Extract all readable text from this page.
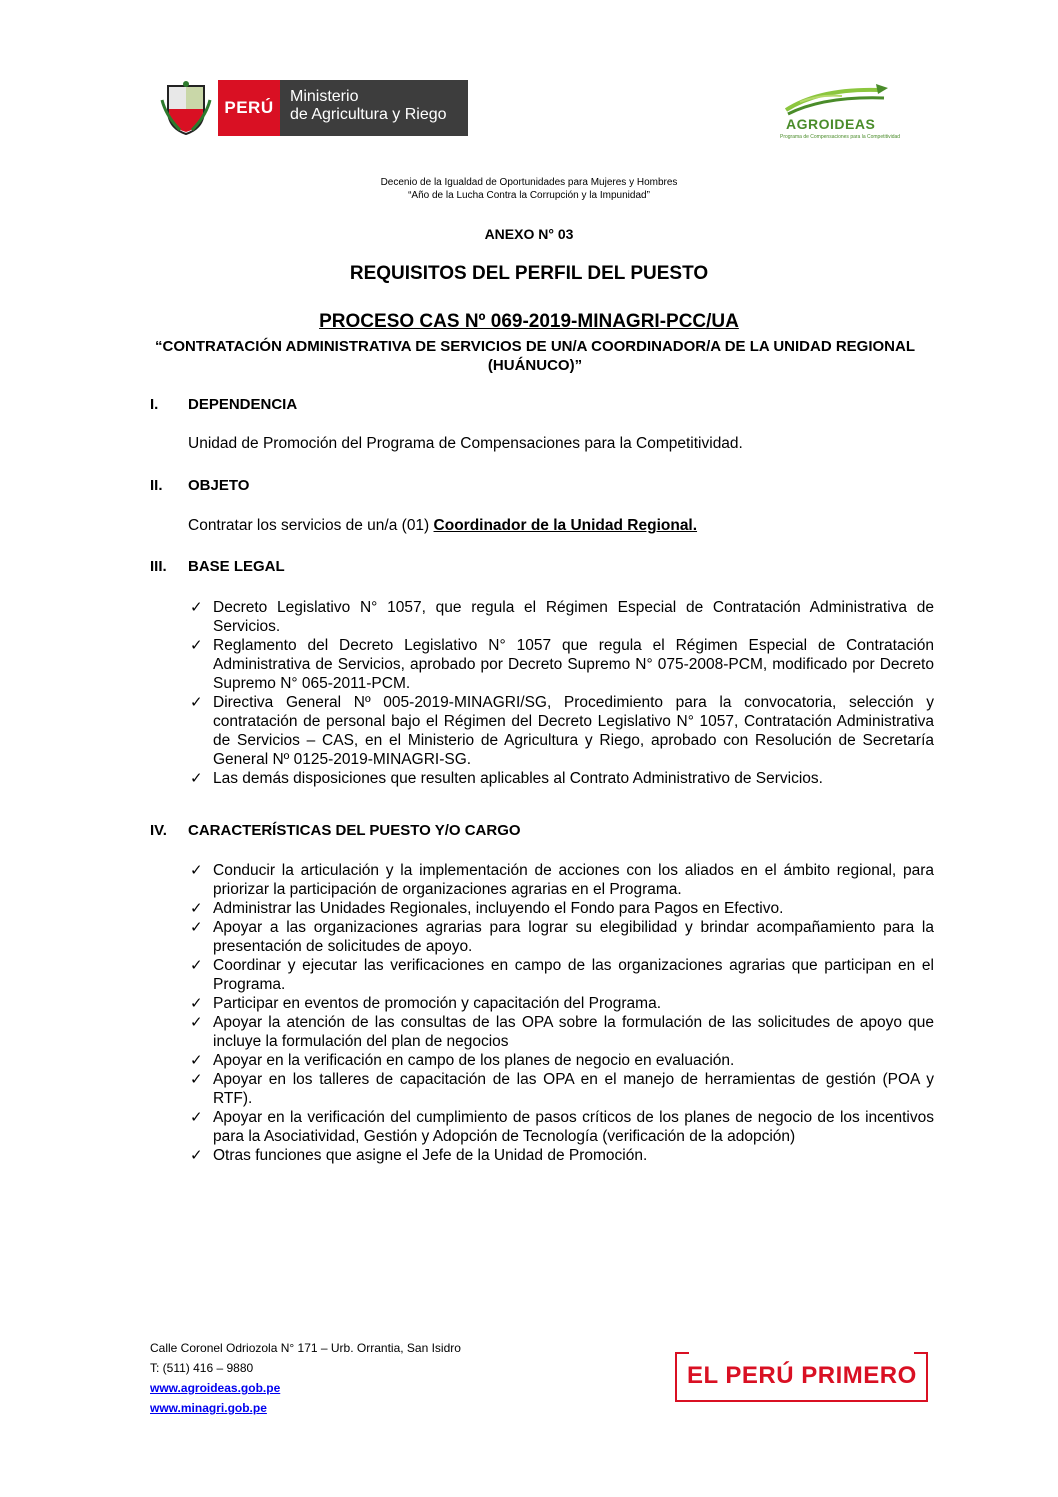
PERÚ
Ministerio
de Agricultura y Riego
AGROIDEAS
Programa de Compensaciones para la Competitividad
Decenio de la Igualdad de Oportunidades para Mujeres y Hombres
“Año de la Lucha Contra la Corrupción y la Impunidad”
ANEXO N° 03
REQUISITOS DEL PERFIL DEL PUESTO
PROCESO CAS Nº 069-2019-MINAGRI-PCC/UA
“CONTRATACIÓN ADMINISTRATIVA DE SERVICIOS DE UN/A COORDINADOR/A DE LA UNIDAD REGIONAL (HUÁNUCO)”
I. DEPENDENCIA
Unidad de Promoción del Programa de Compensaciones para la Competitividad.
II. OBJETO
Contratar los servicios de un/a (01) Coordinador de la Unidad Regional.
III. BASE LEGAL
✓ Decreto Legislativo N° 1057, que regula el Régimen Especial de Contratación Administrativa de Servicios.
✓ Reglamento del Decreto Legislativo N° 1057 que regula el Régimen Especial de Contratación Administrativa de Servicios, aprobado por Decreto Supremo N° 075-2008-PCM, modificado por Decreto Supremo N° 065-2011-PCM.
✓ Directiva General Nº 005-2019-MINAGRI/SG, Procedimiento para la convocatoria, selección y contratación de personal bajo el Régimen del Decreto Legislativo N° 1057, Contratación Administrativa de Servicios – CAS, en el Ministerio de Agricultura y Riego, aprobado con Resolución de Secretaría General Nº 0125-2019-MINAGRI-SG.
✓ Las demás disposiciones que resulten aplicables al Contrato Administrativo de Servicios.
IV. CARACTERÍSTICAS DEL PUESTO Y/O CARGO
✓ Conducir la articulación y la implementación de acciones con los aliados en el ámbito regional, para priorizar la participación de organizaciones agrarias en el Programa.
✓ Administrar las Unidades Regionales, incluyendo el Fondo para Pagos en Efectivo.
✓ Apoyar a las organizaciones agrarias para lograr su elegibilidad y brindar acompañamiento para la presentación de solicitudes de apoyo.
✓ Coordinar y ejecutar las verificaciones en campo de las organizaciones agrarias que participan en el Programa.
✓ Participar en eventos de promoción y capacitación del Programa.
✓ Apoyar la atención de las consultas de las OPA sobre la formulación de las solicitudes de apoyo que incluye la formulación del plan de negocios
✓ Apoyar en la verificación en campo de los planes de negocio en evaluación.
✓ Apoyar en los talleres de capacitación de las OPA en el manejo de herramientas de gestión (POA y RTF).
✓ Apoyar en la verificación del cumplimiento de pasos críticos de los planes de negocio de los incentivos para la Asociatividad, Gestión y Adopción de Tecnología (verificación de la adopción)
✓ Otras funciones que asigne el Jefe de la Unidad de Promoción.
Calle Coronel Odriozola N° 171 – Urb. Orrantia, San Isidro
T: (511) 416 – 9880
www.agroideas.gob.pe
www.minagri.gob.pe
EL PERÚ PRIMERO
